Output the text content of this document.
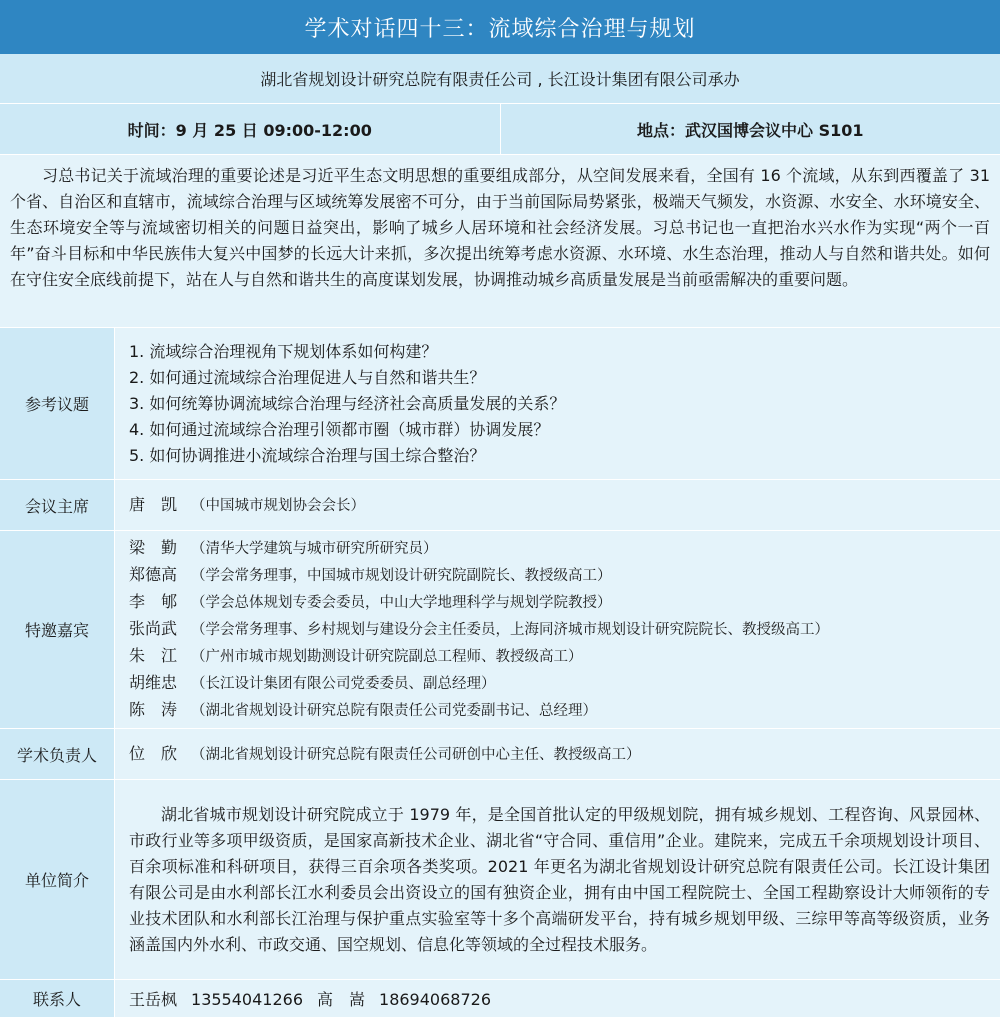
学术对话四十三：流域综合治理与规划
湖北省规划设计研究总院有限责任公司 , 长江设计集团有限公司承办
时间：9 月 25 日 09:00-12:00	地点：武汉国博会议中心 S101

习总书记关于流域治理的重要论述是习近平生态文明思想的重要组成部分，从空间发展来看，全国有 16 个流域，从东到西覆盖了 31 个省、自治区和直辖市，流域综合治理与区域统筹发展密不可分，由于当前国际局势紧张，极端天气频发，水资源、水安全、水环境安全、生态环境安全等与流域密切相关的问题日益突出，影响了城乡人居环境和社会经济发展。习总书记也一直把治水兴水作为实现“两个一百年”奋斗目标和中华民族伟大复兴中国梦的长远大计来抓，多次提出统筹考虑水资源、水环境、水生态治理，推动人与自然和谐共处。如何在守住安全底线前提下，站在人与自然和谐共生的高度谋划发展，协调推动城乡高质量发展是当前亟需解决的重要问题。

参考议题
1. 流域综合治理视角下规划体系如何构建？
2. 如何通过流域综合治理促进人与自然和谐共生？
3. 如何统筹协调流域综合治理与经济社会高质量发展的关系？
4. 如何通过流域综合治理引领都市圈（城市群）协调发展？
5. 如何协调推进小流域综合治理与国土综合整治？
会议主席	唐　凯 （中国城市规划协会会长）
特邀嘉宾
梁　勤 （清华大学建筑与城市研究所研究员）
郑德高 （学会常务理事，中国城市规划设计研究院副院长、教授级高工）
李　郇 （学会总体规划专委会委员，中山大学地理科学与规划学院教授）
张尚武 （学会常务理事、乡村规划与建设分会主任委员，上海同济城市规划设计研究院院长、教授级高工）
朱　江 （广州市城市规划勘测设计研究院副总工程师、教授级高工）
胡维忠 （长江设计集团有限公司党委委员、副总经理）
陈　涛 （湖北省规划设计研究总院有限责任公司党委副书记、总经理）
学术负责人	位　欣 （湖北省规划设计研究总院有限责任公司研创中心主任、教授级高工）
单位简介

湖北省城市规划设计研究院成立于 1979 年，是全国首批认定的甲级规划院，拥有城乡规划、工程咨询、风景园林、市政行业等多项甲级资质，是国家高新技术企业、湖北省“守合同、重信用”企业。建院来，完成五千余项规划设计项目、百余项标准和科研项目，获得三百余项各类奖项。2021 年更名为湖北省规划设计研究总院有限责任公司。长江设计集团有限公司是由水利部长江水利委员会出资设立的国有独资企业，拥有由中国工程院院士、全国工程勘察设计大师领衔的专业技术团队和水利部长江治理与保护重点实验室等十多个高端研发平台，持有城乡规划甲级、三综甲等高等级资质，业务涵盖国内外水利、市政交通、国空规划、信息化等领域的全过程技术服务。

联系人	王岳枫 13554041266 高　嵩 18694068726
